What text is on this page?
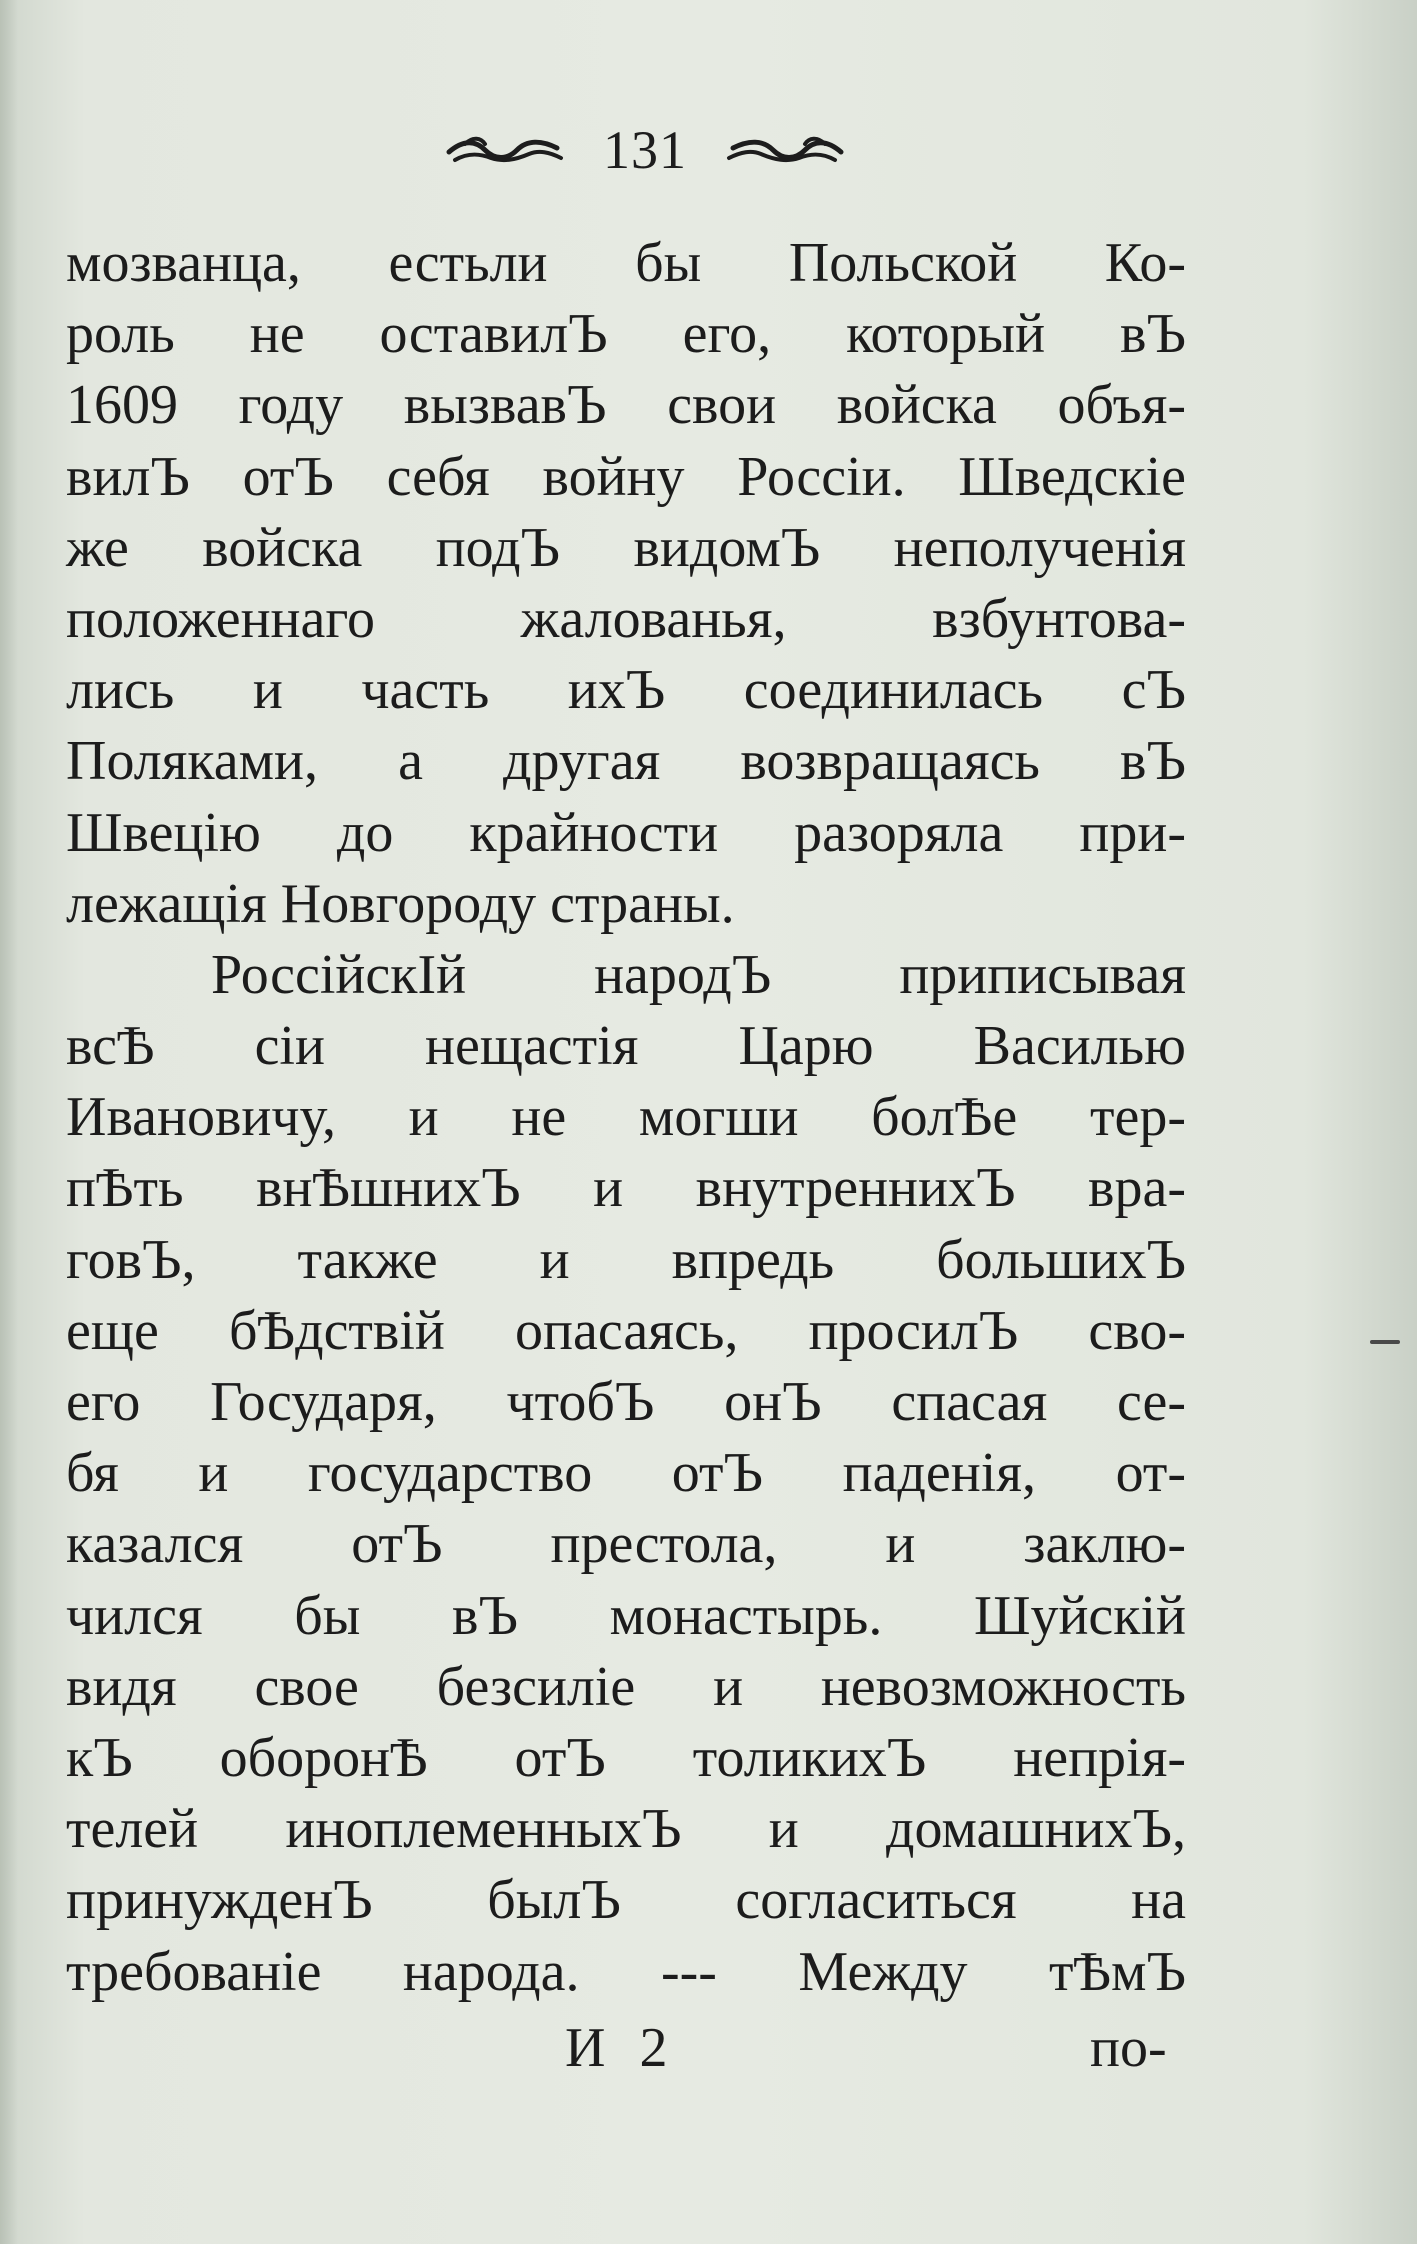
131
мозванца, естьли бы Польской Ко-
роль не оставилЪ его, который вЪ
1609 году вызвавЪ свои войска объя-
вилЪ отЪ себя войну Россіи. Шведскіе
же войска подЪ видомЪ неполученія
положеннаго жалованья, взбунтова-
лись и часть ихЪ соединилась сЪ
Поляками, а другая возвращаясь вЪ
Швецію до крайности разоряла при-
лежащія Новгороду страны.
РоссійскІй народЪ приписывая
всѢ сіи нещастія Царю Василью
Ивановичу, и не могши болѢе тер-
пѢть внѢшнихЪ и внутреннихЪ вра-
говЪ, также и впредь большихЪ
еще бѢдствій опасаясь, просилЪ сво-
его Государя, чтобЪ онЪ спасая се-
бя и государство отЪ паденія, от-
казался отЪ престола, и заклю-
чился бы вЪ монастырь. Шуйскій
видя свое безсиліе и невозможность
кЪ оборонѢ отЪ толикихЪ непрія-
телей иноплеменныхЪ и домашнихЪ,
принужденЪ былЪ согласиться на
требованіе народа. --- Между тѢмЪ
И 2	по-
